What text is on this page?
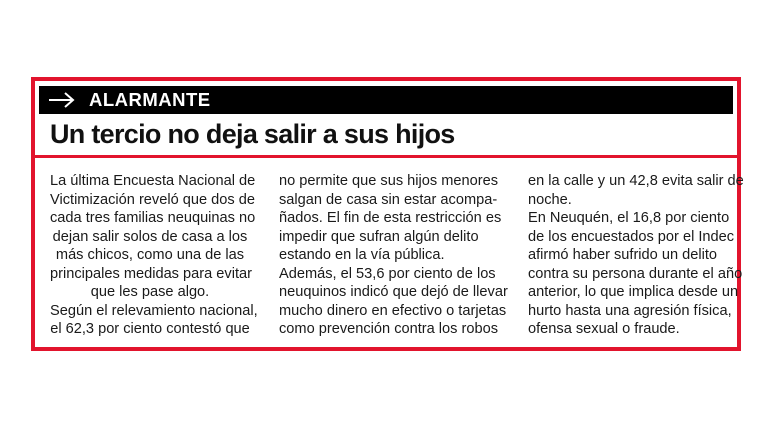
ALARMANTE
Un tercio no deja salir a sus hijos
La última Encuesta Nacional de
Victimización reveló que dos de
cada tres familias neuquinas no
dejan salir solos de casa a los
más chicos, como una de las
principales medidas para evitar
que les pase algo.
Según el relevamiento nacional,
el 62,3 por ciento contestó que
no permite que sus hijos menores
salgan de casa sin estar acompa-
ñados. El fin de esta restricción es
impedir que sufran algún delito
estando en la vía pública.
Además, el 53,6 por ciento de los
neuquinos indicó que dejó de llevar
mucho dinero en efectivo o tarjetas
como prevención contra los robos
en la calle y un 42,8 evita salir de
noche.
En Neuquén, el 16,8 por ciento
de los encuestados por el Indec
afirmó haber sufrido un delito
contra su persona durante el año
anterior, lo que implica desde un
hurto hasta una agresión física,
ofensa sexual o fraude.
